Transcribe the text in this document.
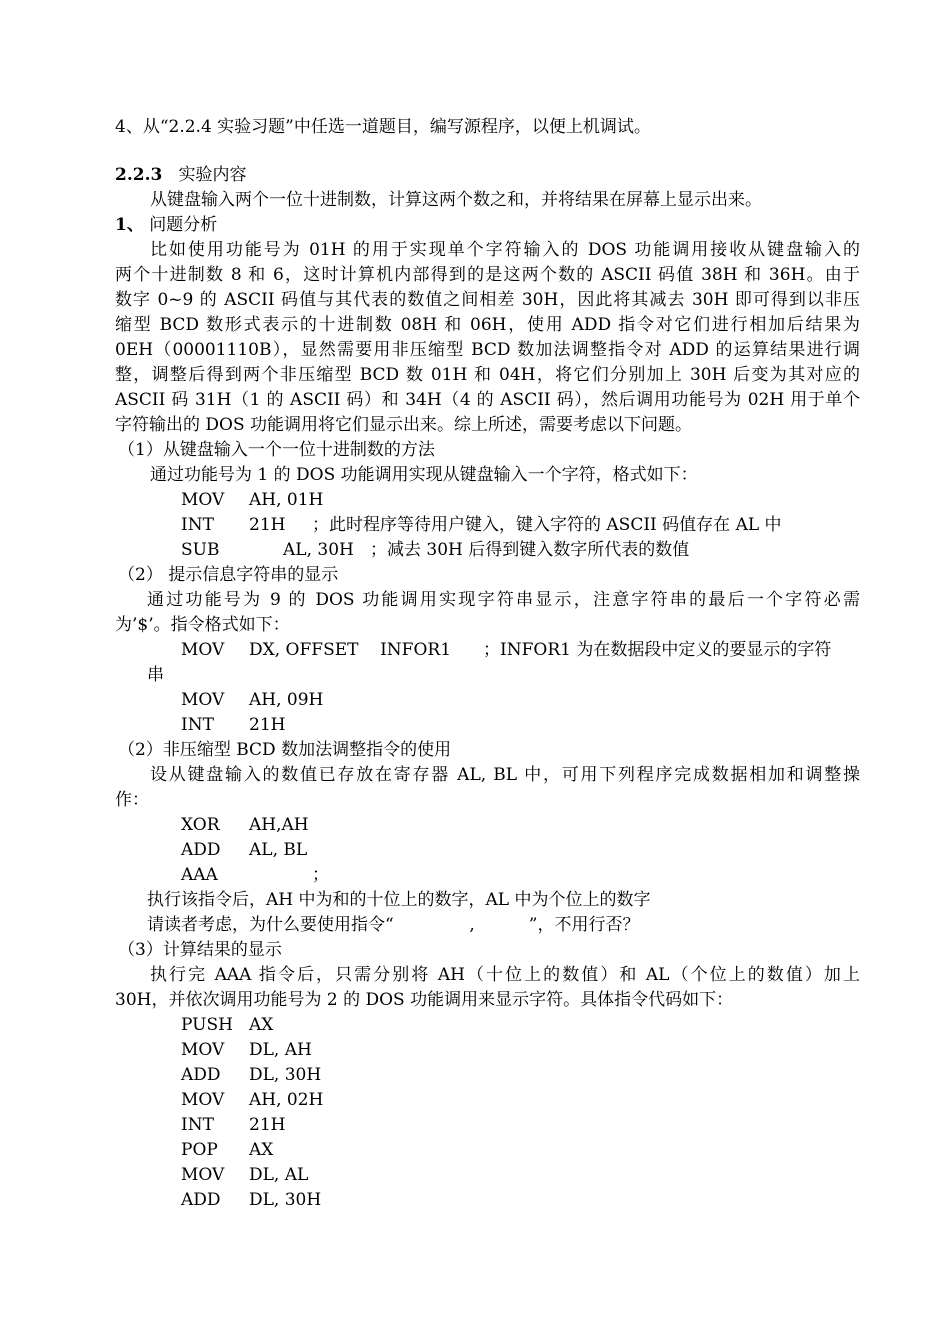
4、从“2.2.4 实验习题”中任选一道题目，编写源程序，以便上机调试。
2.2.3 实验内容
从键盘输入两个一位十进制数，计算这两个数之和，并将结果在屏幕上显示出来。
1、 问题分析
比如使用功能号为 01H 的用于实现单个字符输入的 DOS 功能调用接收从键盘输入的
两个十进制数 8 和 6，这时计算机内部得到的是这两个数的 ASCII 码值 38H 和 36H。由于
数字 0~9 的 ASCII 码值与其代表的数值之间相差 30H，因此将其减去 30H 即可得到以非压
缩型 BCD 数形式表示的十进制数 08H 和 06H，使用 ADD 指令对它们进行相加后结果为
0EH（00001110B），显然需要用非压缩型 BCD 数加法调整指令对 ADD 的运算结果进行调
整，调整后得到两个非压缩型 BCD 数 01H 和 04H，将它们分别加上 30H 后变为其对应的
ASCII 码 31H（1 的 ASCII 码）和 34H（4 的 ASCII 码），然后调用功能号为 02H 用于单个
字符输出的 DOS 功能调用将它们显示出来。综上所述，需要考虑以下问题。
（1）从键盘输入一个一位十进制数的方法
通过功能号为 1 的 DOS 功能调用实现从键盘输入一个字符，格式如下：
MOV AH, 01H
INT 21H ；此时程序等待用户键入，键入字符的 ASCII 码值存在 AL 中
SUB	AL, 30H ；减去 30H 后得到键入数字所代表的数值
（2） 提示信息字符串的显示
通过功能号为 9 的 DOS 功能调用实现字符串显示，注意字符串的最后一个字符必需
为’$’。指令格式如下：
MOV DX, OFFSET    INFOR1 ；INFOR1 为在数据段中定义的要显示的字符
串
MOV AH, 09H
INT 21H
（2）非压缩型 BCD 数加法调整指令的使用
设从键盘输入的数值已存放在寄存器 AL, BL 中，可用下列程序完成数据相加和调整操
作：
XOR AH,AH
ADD AL, BL
AAA	；
执行该指令后，AH 中为和的十位上的数字，AL 中为个位上的数字
请读者考虑，为什么要使用指令“              ,          ”，不用行否？
（3）计算结果的显示
执行完 AAA 指令后，只需分别将 AH（十位上的数值）和 AL（个位上的数值）加上
30H，并依次调用功能号为 2 的 DOS 功能调用来显示字符。具体指令代码如下：
PUSH AX
MOV DL, AH
ADD DL, 30H
MOV AH, 02H
INT 21H
POP AX
MOV DL, AL
ADD DL, 30H
